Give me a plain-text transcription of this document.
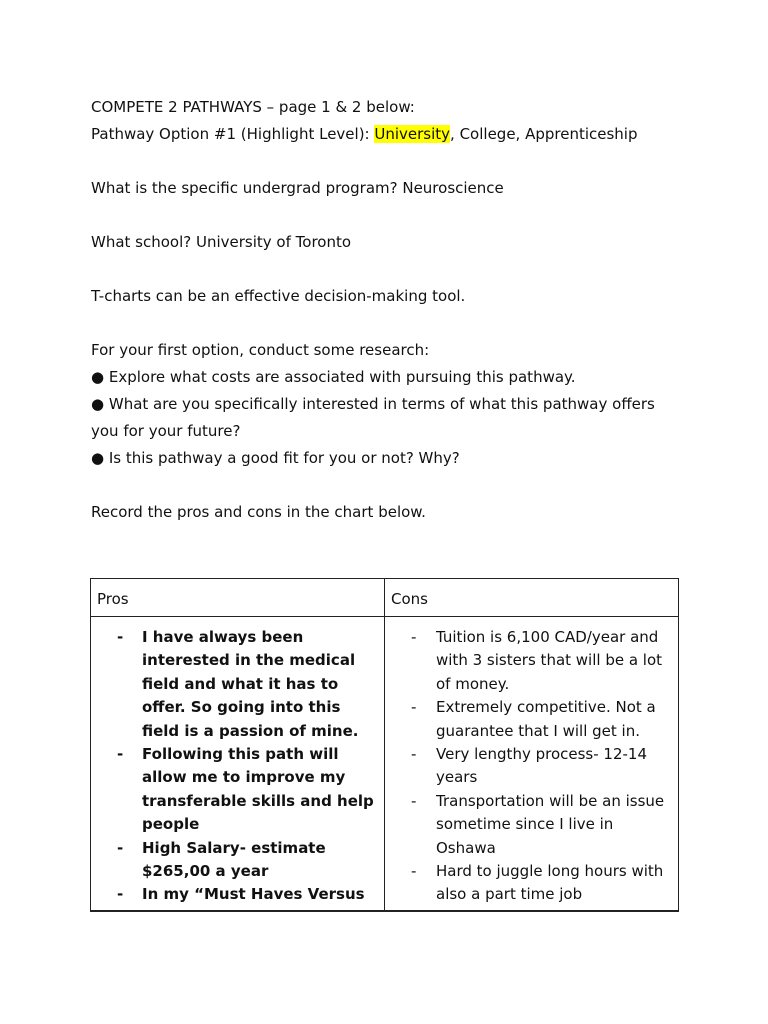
COMPETE 2 PATHWAYS – page 1 & 2 below:
Pathway Option #1 (Highlight Level): University, College, Apprenticeship
What is the specific undergrad program? Neuroscience
What school? University of Toronto
T-charts can be an effective decision-making tool.
For your first option, conduct some research:
● Explore what costs are associated with pursuing this pathway.
● What are you specifically interested in terms of what this pathway offers
you for your future?
● Is this pathway a good fit for you or not? Why?
Record the pros and cons in the chart below.
Pros	Cons
- I have always been interested in the medical field and what it has to offer. So going into this field is a passion of mine.
- Following this path will allow me to improve my transferable skills and help people
- High Salary- estimate $265,00 a year
- In my “Must Haves Versus
- Tuition is 6,100 CAD/year and with 3 sisters that will be a lot of money.
- Extremely competitive. Not a guarantee that I will get in.
- Very lengthy process- 12-14 years
- Transportation will be an issue sometime since I live in Oshawa
- Hard to juggle long hours with also a part time job
